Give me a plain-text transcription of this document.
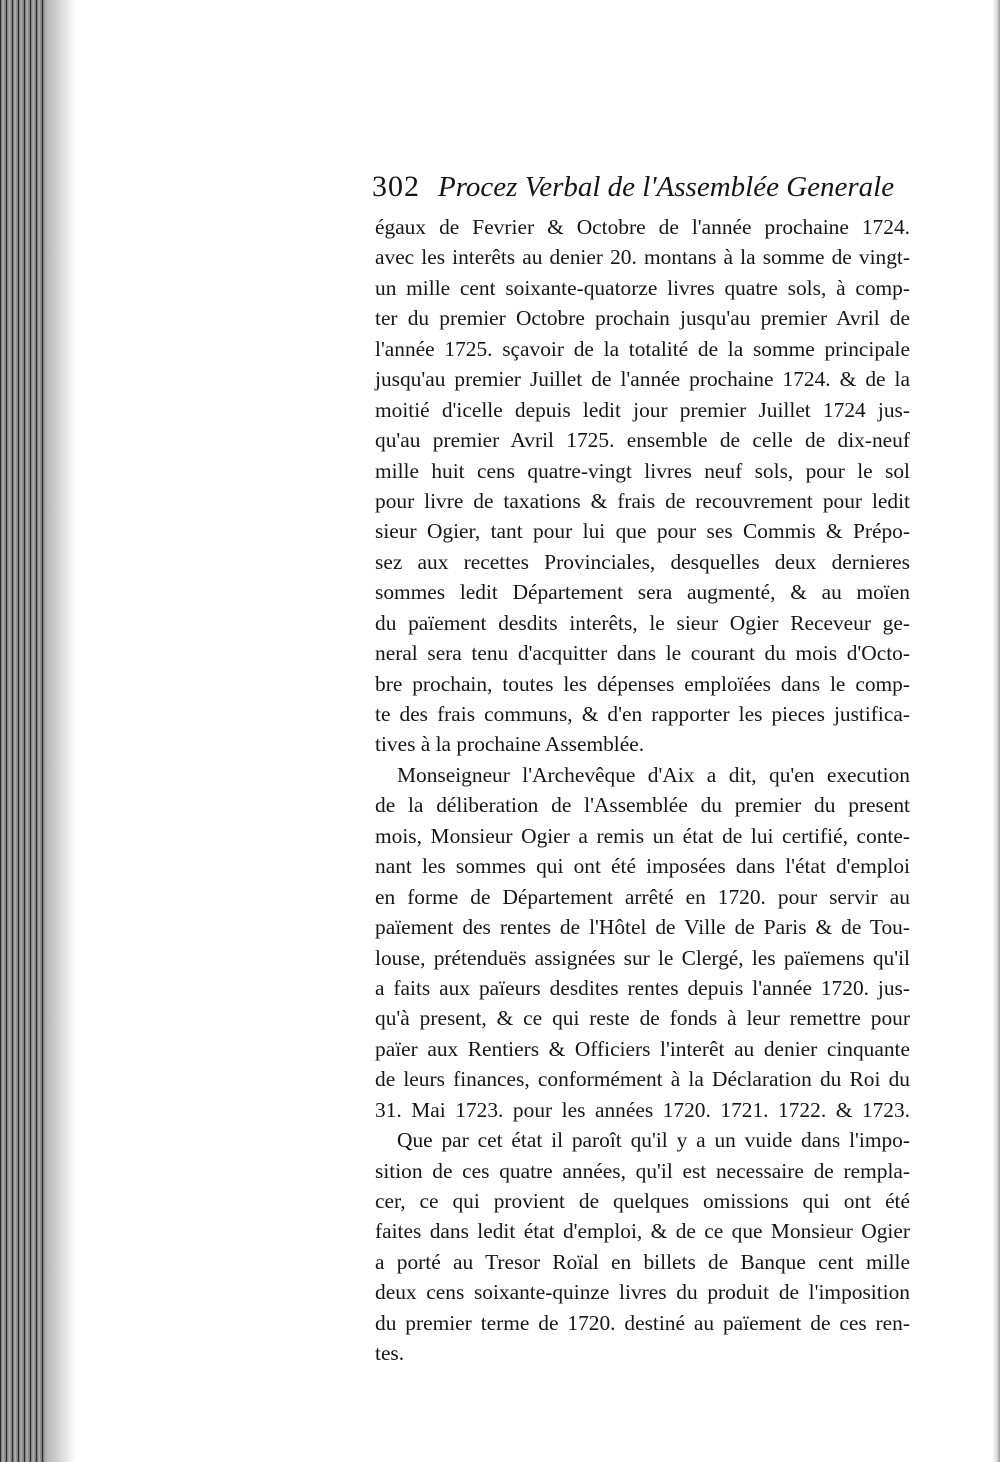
302 Procez Verbal de l'Assemblée Generale
égaux de Fevrier & Octobre de l'année prochaine 1724.
avec les interêts au denier 20. montans à la somme de vingt-
un mille cent soixante-quatorze livres quatre sols, à comp-
ter du premier Octobre prochain jusqu'au premier Avril de
l'année 1725. sçavoir de la totalité de la somme principale
jusqu'au premier Juillet de l'année prochaine 1724. & de la
moitié d'icelle depuis ledit jour premier Juillet 1724 jus-
qu'au premier Avril 1725. ensemble de celle de dix-neuf
mille huit cens quatre-vingt livres neuf sols, pour le sol
pour livre de taxations & frais de recouvrement pour ledit
sieur Ogier, tant pour lui que pour ses Commis & Prépo-
sez aux recettes Provinciales, desquelles deux dernieres
sommes ledit Département sera augmenté, & au moïen
du païement desdits interêts, le sieur Ogier Receveur ge-
neral sera tenu d'acquitter dans le courant du mois d'Octo-
bre prochain, toutes les dépenses emploïées dans le comp-
te des frais communs, & d'en rapporter les pieces justifica-
tives à la prochaine Assemblée.
Monseigneur l'Archevêque d'Aix a dit, qu'en execution
de la déliberation de l'Assemblée du premier du present
mois, Monsieur Ogier a remis un état de lui certifié, conte-
nant les sommes qui ont été imposées dans l'état d'emploi
en forme de Département arrêté en 1720. pour servir au
païement des rentes de l'Hôtel de Ville de Paris & de Tou-
louse, prétenduës assignées sur le Clergé, les païemens qu'il
a faits aux païeurs desdites rentes depuis l'année 1720. jus-
qu'à present, & ce qui reste de fonds à leur remettre pour
païer aux Rentiers & Officiers l'interêt au denier cinquante
de leurs finances, conformément à la Déclaration du Roi du
31. Mai 1723. pour les années 1720. 1721. 1722. & 1723.
Que par cet état il paroît qu'il y a un vuide dans l'impo-
sition de ces quatre années, qu'il est necessaire de rempla-
cer, ce qui provient de quelques omissions qui ont été
faites dans ledit état d'emploi, & de ce que Monsieur Ogier
a porté au Tresor Roïal en billets de Banque cent mille
deux cens soixante-quinze livres du produit de l'imposition
du premier terme de 1720. destiné au païement de ces ren-
tes.
